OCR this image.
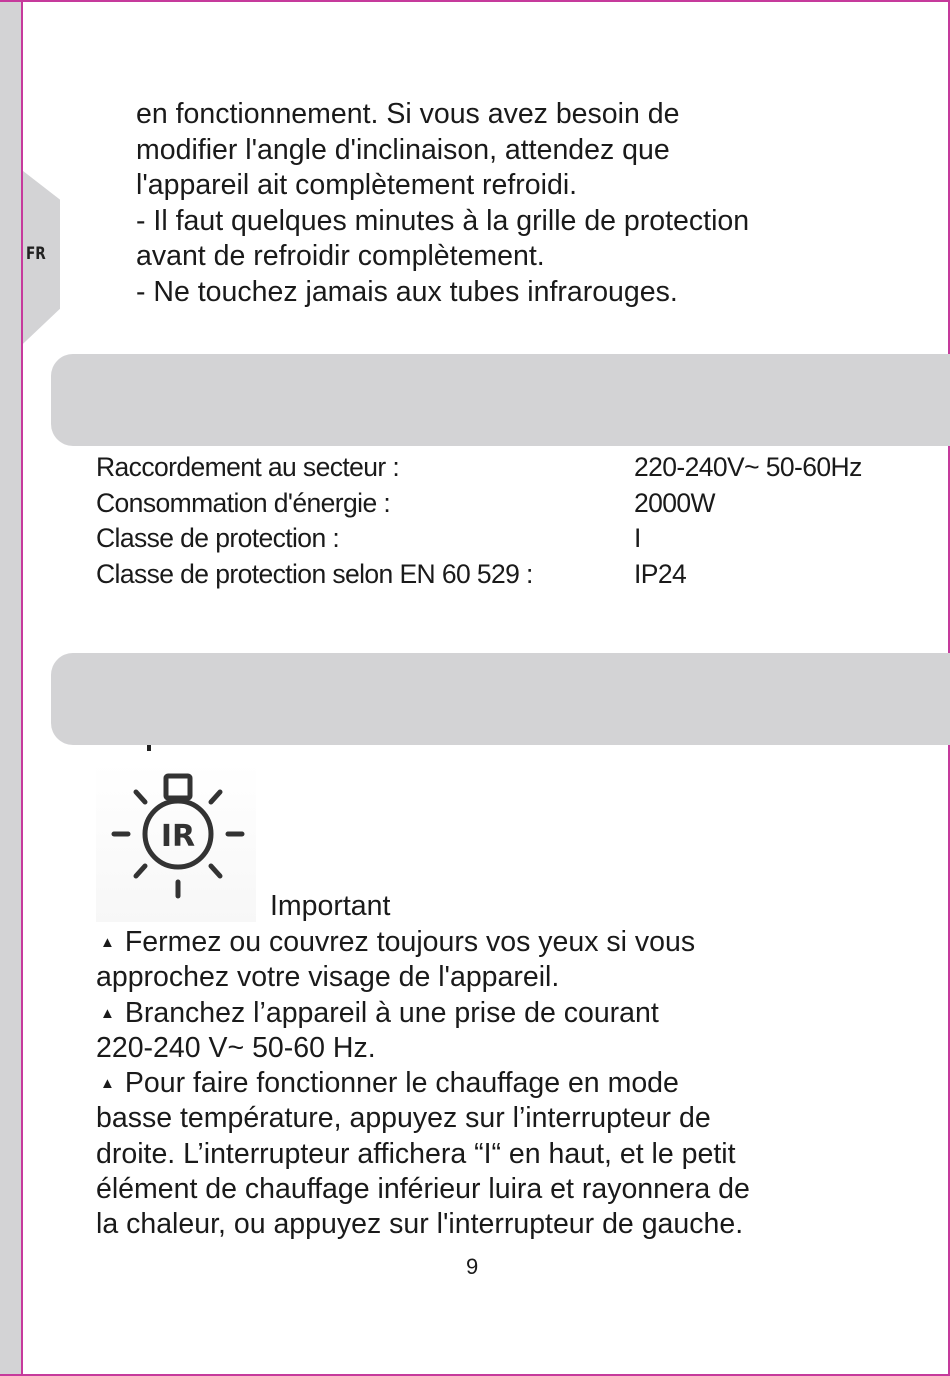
FR

en fonctionnement. Si vous avez besoin de

modifier l'angle d'inclinaison, attendez que

l'appareil ait complètement refroidi.

- Il faut quelques minutes à la grille de protection

avant de refroidir complètement.

- Ne touchez jamais aux tubes infrarouges.

Raccordement au secteur :	220-240V~ 50-60Hz
Consommation d'énergie :	2000W
Classe de protection :	I
Classe de protection selon EN 60 529 :	IP24
IR
Important

▲ Fermez ou couvrez toujours vos yeux si vous

approchez votre visage de l'appareil.

▲ Branchez l’appareil à une prise de courant

220-240 V~ 50-60 Hz.

▲ Pour faire fonctionner le chauffage en mode

basse température, appuyez sur l’interrupteur de

droite. L’interrupteur affichera “I“ en haut, et le petit

élément de chauffage inférieur luira et rayonnera de

la chaleur, ou appuyez sur l'interrupteur de gauche.

9
